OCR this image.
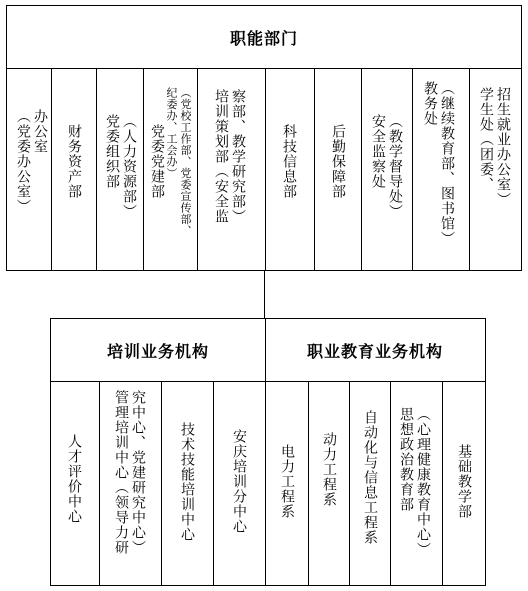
职能部门
办公室
（党委办公室）	财务资产部	（人力资源部）
党委组织部	（党校工作部、党委宣传部、
纪委办、工会办）
党委党建部	察部、教学研究部）
培训策划部（安全监	科技信息部 后勤保障部	（教学督导处）
安全监察处	（继续教育部、图书馆）
教务处	招生就业办公室）
学生处（团委、
培训业务机构	职业教育业务机构
人才评价中心	究中心、党建研究中心）
管理培训中心（领导力研	技术技能培训中心	安庆培训分中心 电力工程系 动力工程系 自动化与信息工程系	（心理健康教育中心）
思想政治教育部	基础教学部
